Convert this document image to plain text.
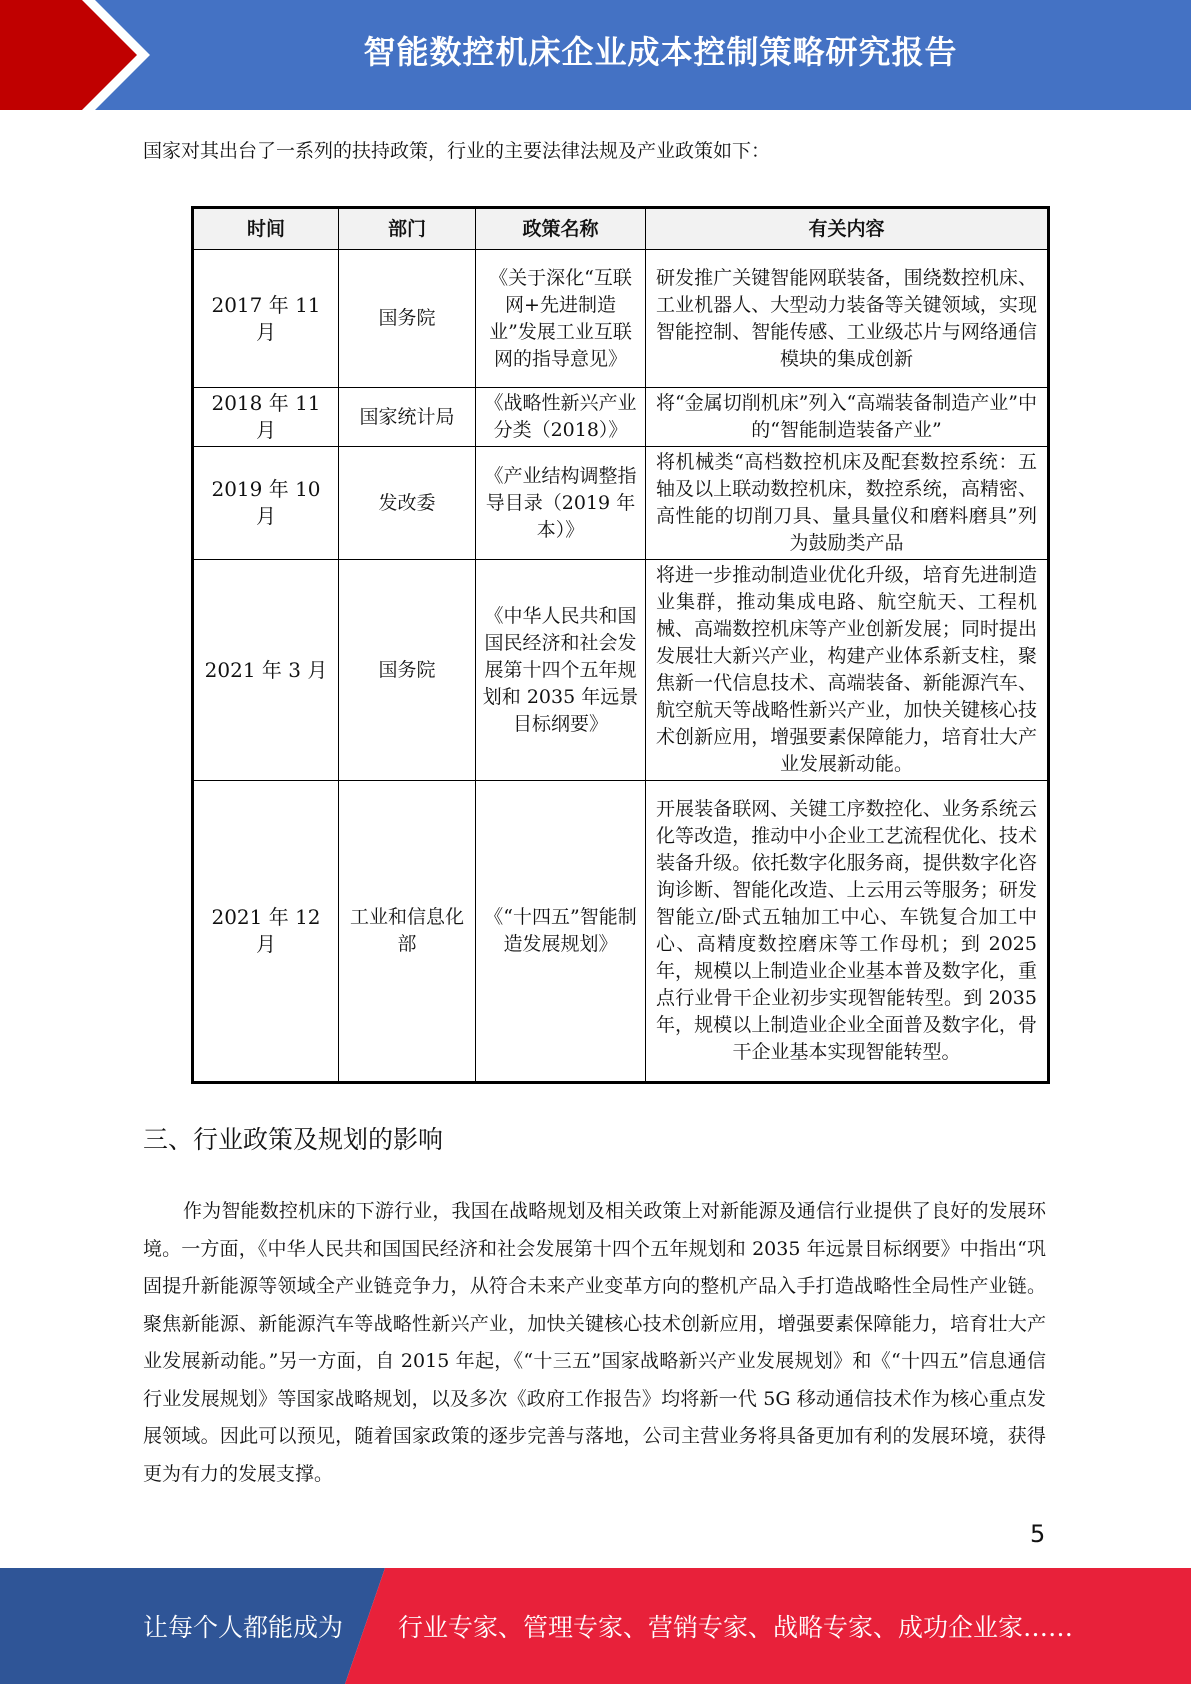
智能数控机床企业成本控制策略研究报告
国家对其出台了一系列的扶持政策，行业的主要法律法规及产业政策如下：
时间	部门	政策名称	有关内容
2017 年 11 月	国务院	《关于深化“互联网+先进制造业”发展工业互联网的指导意见》	研发推广关键智能网联装备，围绕数控机床、工业机器人、大型动力装备等关键领域，实现智能控制、智能传感、工业级芯片与网络通信模块的集成创新
2018 年 11 月	国家统计局	《战略性新兴产业分类（2018）》	将“金属切削机床”列入“高端装备制造产业”中的“智能制造装备产业”
2019 年 10 月	发改委	《产业结构调整指导目录（2019 年本）》	将机械类“高档数控机床及配套数控系统：五轴及以上联动数控机床，数控系统，高精密、高性能的切削刀具、量具量仪和磨料磨具”列为鼓励类产品
2021 年 3 月	国务院	《中华人民共和国国民经济和社会发展第十四个五年规划和 2035 年远景目标纲要》	将进一步推动制造业优化升级，培育先进制造业集群，推动集成电路、航空航天、工程机械、高端数控机床等产业创新发展；同时提出发展壮大新兴产业，构建产业体系新支柱，聚焦新一代信息技术、高端装备、新能源汽车、航空航天等战略性新兴产业，加快关键核心技术创新应用，增强要素保障能力，培育壮大产业发展新动能。
2021 年 12 月	工业和信息化部	《“十四五”智能制造发展规划》	开展装备联网、关键工序数控化、业务系统云化等改造，推动中小企业工艺流程优化、技术装备升级。依托数字化服务商，提供数字化咨询诊断、智能化改造、上云用云等服务；研发智能立/卧式五轴加工中心、车铣复合加工中心、高精度数控磨床等工作母机；到 2025 年，规模以上制造业企业基本普及数字化，重点行业骨干企业初步实现智能转型。到 2035 年，规模以上制造业企业全面普及数字化，骨干企业基本实现智能转型。
三、行业政策及规划的影响
作为智能数控机床的下游行业，我国在战略规划及相关政策上对新能源及通信行业提供了良好的发展环境。一方面，《中华人民共和国国民经济和社会发展第十四个五年规划和 2035 年远景目标纲要》中指出“巩固提升新能源等领域全产业链竞争力，从符合未来产业变革方向的整机产品入手打造战略性全局性产业链。聚焦新能源、新能源汽车等战略性新兴产业，加快关键核心技术创新应用，增强要素保障能力，培育壮大产业发展新动能。”另一方面，自 2015 年起，《“十三五”国家战略新兴产业发展规划》和《“十四五”信息通信行业发展规划》等国家战略规划，以及多次《政府工作报告》均将新一代 5G 移动通信技术作为核心重点发展领域。因此可以预见，随着国家政策的逐步完善与落地，公司主营业务将具备更加有利的发展环境，获得更为有力的发展支撑。
5
让每个人都能成为 行业专家、管理专家、营销专家、战略专家、成功企业家……
